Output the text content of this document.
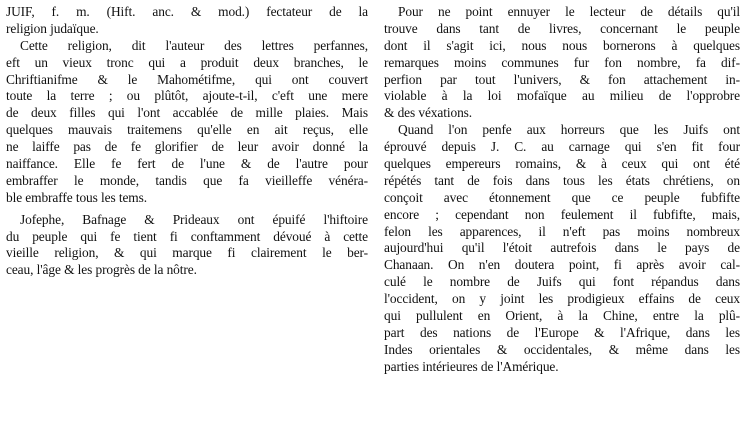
JUIF, f. m. (Hift. anc. & mod.) fectateur de la
religion judaïque.
Cette religion, dit l'auteur des lettres perfannes,
eft un vieux tronc qui a produit deux branches, le
Chriftianifme & le Mahométifme, qui ont couvert
toute la terre ; ou plûtôt, ajoute-t-il, c'eft une mere
de deux filles qui l'ont accablée de mille plaies. Mais
quelques mauvais traitemens qu'elle en ait reçus, elle
ne laiffe pas de fe glorifier de leur avoir donné la
naiffance. Elle fe fert de l'une & de l'autre pour
embraffer le monde, tandis que fa vieilleffe vénéra-
ble embraffe tous les tems.
Jofephe, Bafnage & Prideaux ont épuifé l'hiftoire
du peuple qui fe tient fi conftamment dévoué à cette
vieille religion, & qui marque fi clairement le ber-
ceau, l'âge & les progrès de la nôtre.
Pour ne point ennuyer le lecteur de détails qu'il
trouve dans tant de livres, concernant le peuple
dont il s'agit ici, nous nous bornerons à quelques
remarques moins communes fur fon nombre, fa dif-
perfion par tout l'univers, & fon attachement in-
violable à la loi mofaïque au milieu de l'opprobre
& des véxations.
Quand l'on penfe aux horreurs que les Juifs ont
éprouvé depuis J. C. au carnage qui s'en fit four
quelques empereurs romains, & à ceux qui ont été
répétés tant de fois dans tous les états chrétiens, on
conçoit avec étonnement que ce peuple fubfifte
encore ; cependant non feulement il fubfifte, mais,
felon les apparences, il n'eft pas moins nombreux
aujourd'hui qu'il l'étoit autrefois dans le pays de
Chanaan. On n'en doutera point, fi après avoir cal-
culé le nombre de Juifs qui font répandus dans
l'occident, on y joint les prodigieux effains de ceux
qui pullulent en Orient, à la Chine, entre la plû-
part des nations de l'Europe & l'Afrique, dans les
Indes orientales & occidentales, & même dans les
parties intérieures de l'Amérique.
